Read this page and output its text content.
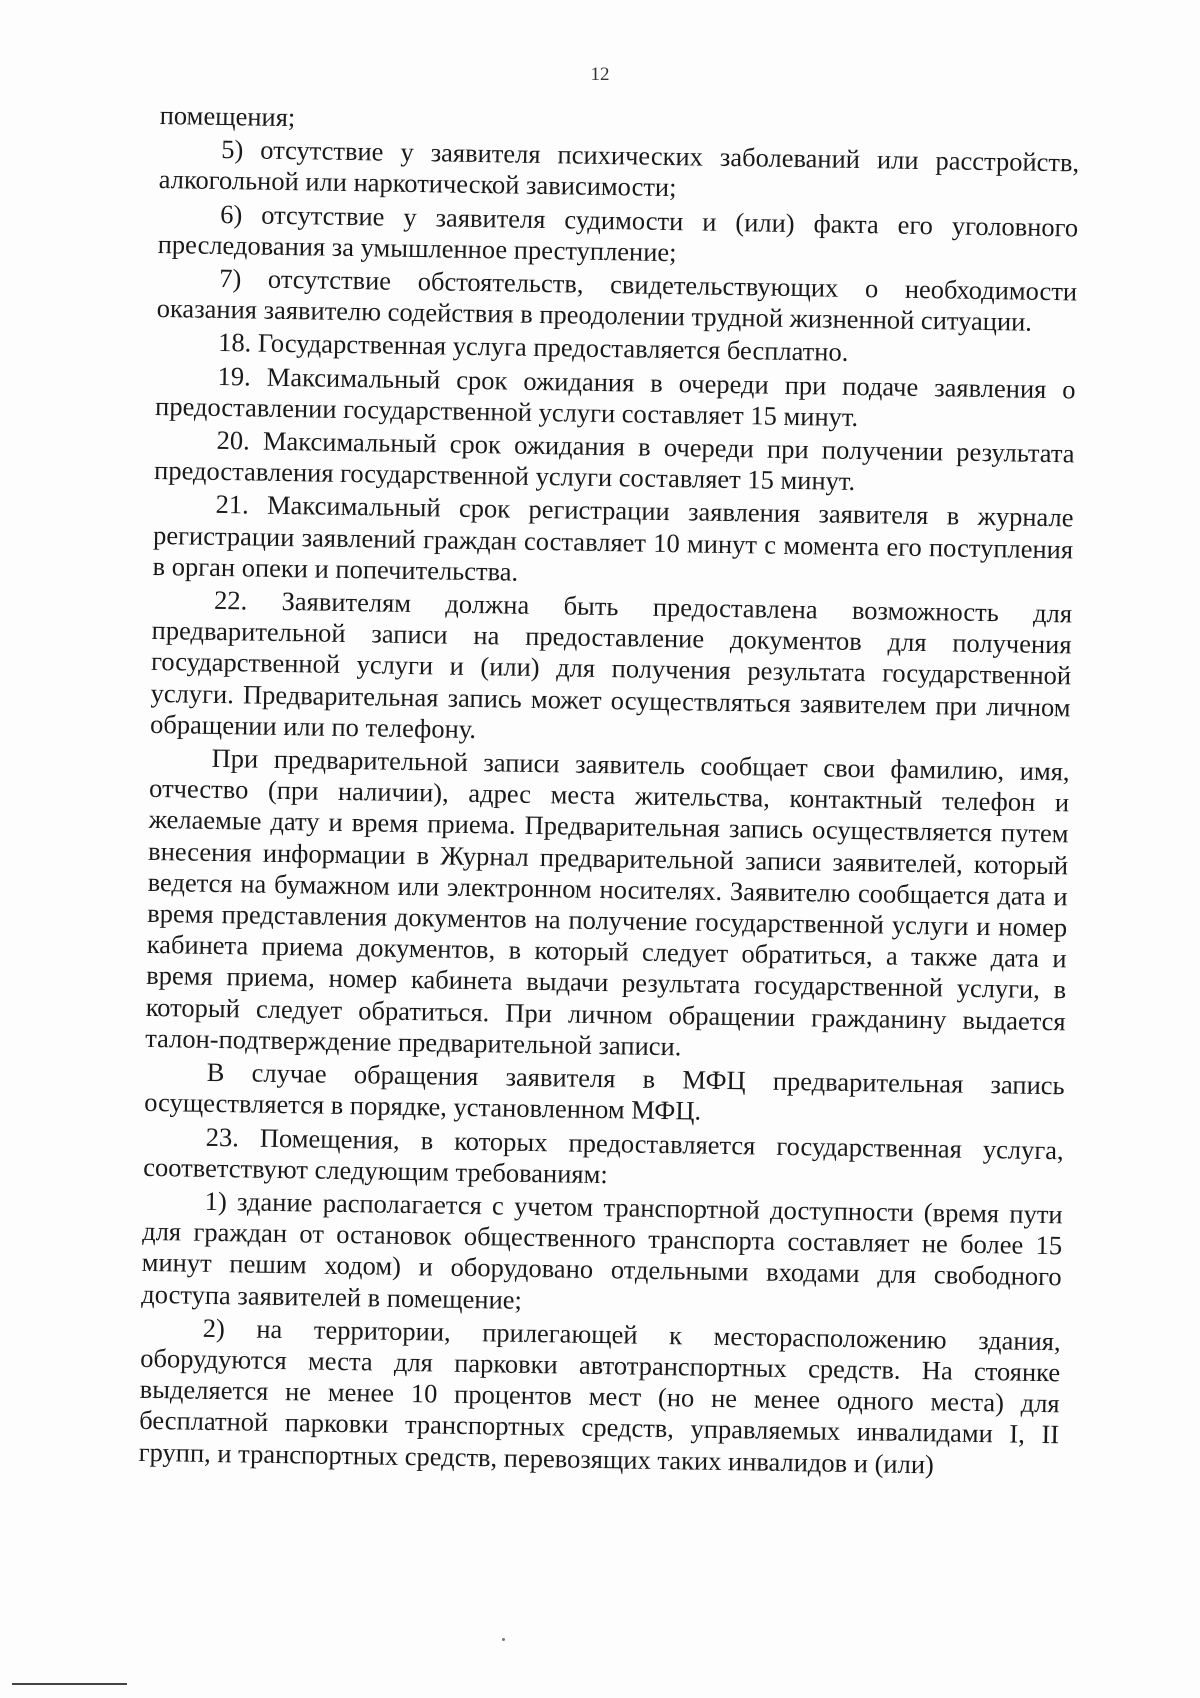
12

помещения;

5) отсутствие у заявителя психических заболеваний или расстройств, алкогольной или наркотической зависимости;

6) отсутствие у заявителя судимости и (или) факта его уголовного преследования за умышленное преступление;

7) отсутствие обстоятельств, свидетельствующих о необходимости оказания заявителю содействия в преодолении трудной жизненной ситуации.

18. Государственная услуга предоставляется бесплатно.

19. Максимальный срок ожидания в очереди при подаче заявления о предоставлении государственной услуги составляет 15 минут.

20. Максимальный срок ожидания в очереди при получении результата предоставления государственной услуги составляет 15 минут.

21. Максимальный срок регистрации заявления заявителя в журнале регистрации заявлений граждан составляет 10 минут с момента его поступления в орган опеки и попечительства.

22. Заявителям должна быть предоставлена возможность для предварительной записи на предоставление документов для получения государственной услуги и (или) для получения результата государственной услуги. Предварительная запись может осуществляться заявителем при личном обращении или по телефону.

При предварительной записи заявитель сообщает свои фамилию, имя, отчество (при наличии), адрес места жительства, контактный телефон и желаемые дату и время приема. Предварительная запись осуществляется путем внесения информации в Журнал предварительной записи заявителей, который ведется на бумажном или электронном носителях. Заявителю сообщается дата и время представления документов на получение государственной услуги и номер кабинета приема документов, в который следует обратиться, а также дата и время приема, номер кабинета выдачи результата государственной услуги, в который следует обратиться. При личном обращении гражданину выдается талон-подтверждение предварительной записи.

В случае обращения заявителя в МФЦ предварительная запись осуществляется в порядке, установленном МФЦ.

23. Помещения, в которых предоставляется государственная услуга, соответствуют следующим требованиям:

1) здание располагается с учетом транспортной доступности (время пути для граждан от остановок общественного транспорта составляет не более 15 минут пешим ходом) и оборудовано отдельными входами для свободного доступа заявителей в помещение;

2) на территории, прилегающей к месторасположению здания, оборудуются места для парковки автотранспортных средств. На стоянке выделяется не менее 10 процентов мест (но не менее одного места) для бесплатной парковки транспортных средств, управляемых инвалидами I, II групп, и транспортных средств, перевозящих таких инвалидов и (или)
